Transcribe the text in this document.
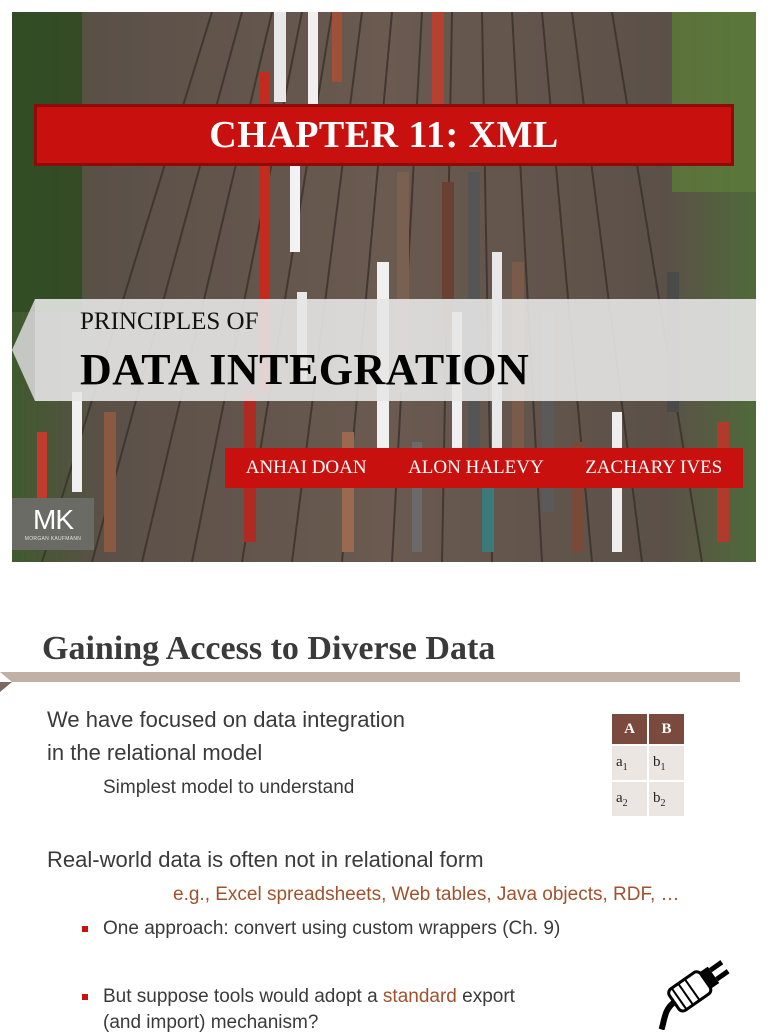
CHAPTER 11: XML
PRINCIPLES OF
DATA INTEGRATION
ANHAI DOAN ALON HALEVY ZACHARY IVES
MK
MORGAN KAUFMANN
Gaining Access to Diverse Data
We have focused on data integration
in the relational model
Simplest model to understand
A	B
$a_1$	$b_1$
$a_2$	$b_2$
Real-world data is often not in relational form
e.g., Excel spreadsheets, Web tables, Java objects, RDF, …
One approach: convert using custom wrappers (Ch. 9)
But suppose tools would adopt a standard export
(and import) mechanism?
